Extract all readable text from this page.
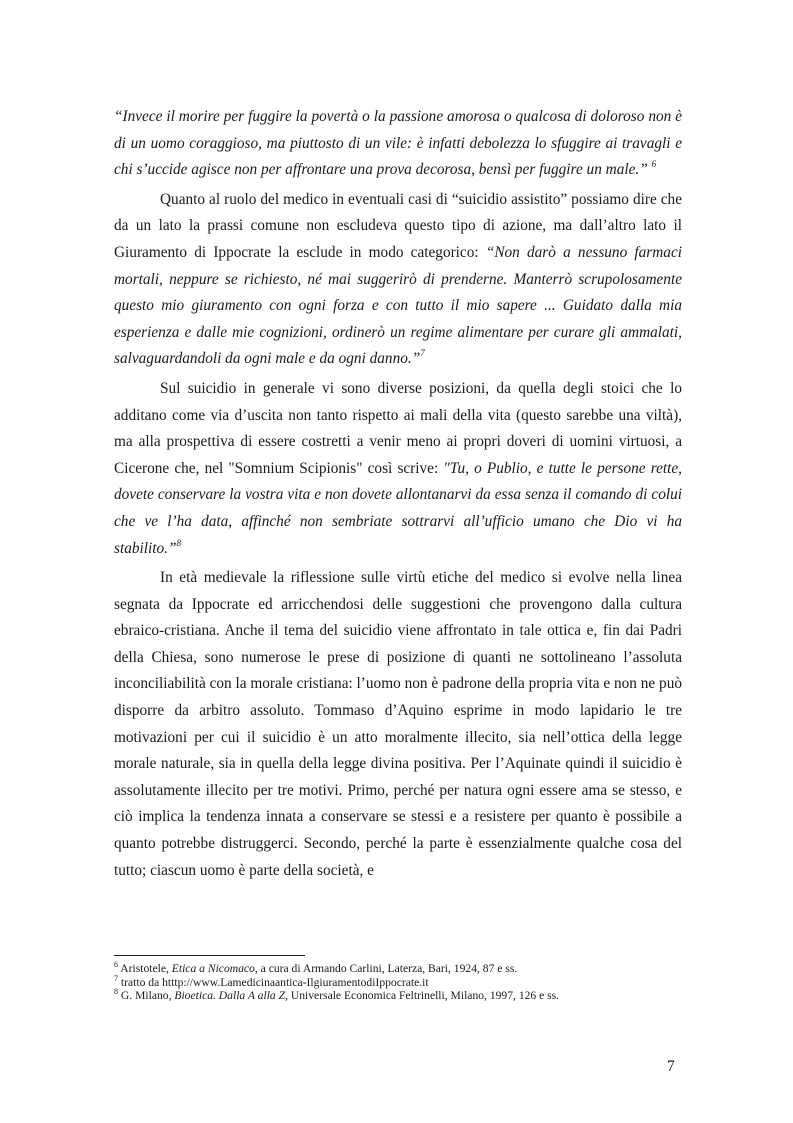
“Invece il morire per fuggire la povertà o la passione amorosa o qualcosa di doloroso non è di un uomo coraggioso, ma piuttosto di un vile: è infatti debolezza lo sfuggire ai travagli e chi s’uccide agisce non per affrontare una prova decorosa, bensì per fuggire un male.” $^6$

Quanto al ruolo del medico in eventuali casi di “suicidio assistito” possiamo dire che da un lato la prassi comune non escludeva questo tipo di azione, ma dall’altro lato il Giuramento di Ippocrate la esclude in modo categorico: “Non darò a nessuno farmaci mortali, neppure se richiesto, né mai suggerirò di prenderne. Manterrò scrupolosamente questo mio giuramento con ogni forza e con tutto il mio sapere ... Guidato dalla mia esperienza e dalle mie cognizioni, ordinerò un regime alimentare per curare gli ammalati, salvaguardandoli da ogni male e da ogni danno.”$^7$

Sul suicidio in generale vi sono diverse posizioni, da quella degli stoici che lo additano come via d’uscita non tanto rispetto ai mali della vita (questo sarebbe una viltà), ma alla prospettiva di essere costretti a venir meno ai propri doveri di uomini virtuosi, a Cicerone che, nel "Somnium Scipionis" così scrive: "Tu, o Publio, e tutte le persone rette, dovete conservare la vostra vita e non dovete allontanarvi da essa senza il comando di colui che ve l’ha data, affinché non sembriate sottrarvi all’ufficio umano che Dio vi ha stabilito.”$^8$

In età medievale la riflessione sulle virtù etiche del medico si evolve nella linea segnata da Ippocrate ed arricchendosi delle suggestioni che provengono dalla cultura ebraico-cristiana. Anche il tema del suicidio viene affrontato in tale ottica e, fin dai Padri della Chiesa, sono numerose le prese di posizione di quanti ne sottolineano l’assoluta inconciliabilità con la morale cristiana: l’uomo non è padrone della propria vita e non ne può disporre da arbitro assoluto. Tommaso d’Aquino esprime in modo lapidario le tre motivazioni per cui il suicidio è un atto moralmente illecito, sia nell’ottica della legge morale naturale, sia in quella della legge divina positiva. Per l’Aquinate quindi il suicidio è assolutamente illecito per tre motivi. Primo, perché per natura ogni essere ama se stesso, e ciò implica la tendenza innata a conservare se stessi e a resistere per quanto è possibile a quanto potrebbe distruggerci. Secondo, perché la parte è essenzialmente qualche cosa del tutto; ciascun uomo è parte della società, e

$^6$ Aristotele, Etica a Nicomaco, a cura di Armando Carlini, Laterza, Bari, 1924, 87 e ss.

$^7$ tratto da htttp://www.Lamedicinaantica-IlgiuramentodiIppocrate.it

$^8$ G. Milano, Bioetica. Dalla A alla Z, Universale Economica Feltrinelli, Milano, 1997, 126 e ss.

7
